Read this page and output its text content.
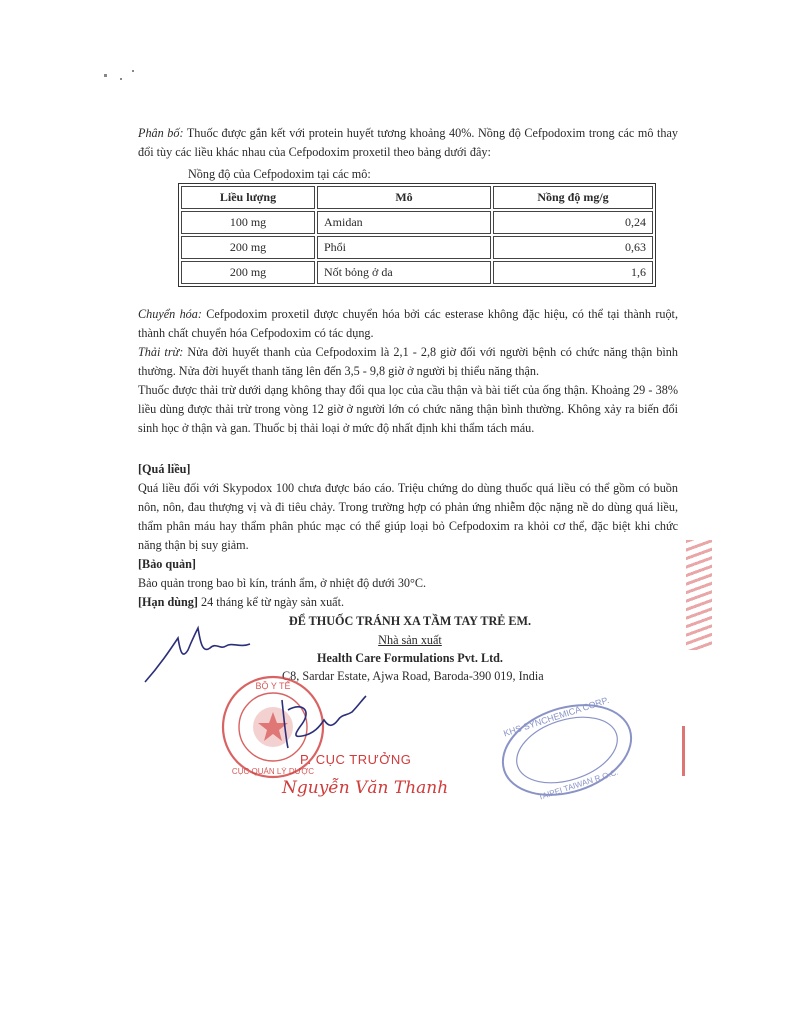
Phân bố: Thuốc được gắn kết với protein huyết tương khoảng 40%. Nồng độ Cefpodoxim trong các mô thay đổi tùy các liều khác nhau của Cefpodoxim proxetil theo bảng dưới đây:

Nồng độ của Cefpodoxim tại các mô:

Liều lượng	Mô	Nồng độ mg/g
100 mg	Amidan	0,24
200 mg	Phổi	0,63
200 mg	Nốt bỏng ở da	1,6

Chuyển hóa: Cefpodoxim proxetil được chuyển hóa bởi các esterase không đặc hiệu, có thể tại thành ruột, thành chất chuyển hóa Cefpodoxim có tác dụng.

Thải trừ: Nửa đời huyết thanh của Cefpodoxim là 2,1 - 2,8 giờ đối với người bệnh có chức năng thận bình thường. Nửa đời huyết thanh tăng lên đến 3,5 - 9,8 giờ ở người bị thiểu năng thận.

Thuốc được thải trừ dưới dạng không thay đổi qua lọc của cầu thận và bài tiết của ống thận. Khoảng 29 - 38% liều dùng được thải trừ trong vòng 12 giờ ở người lớn có chức năng thận bình thường. Không xảy ra biến đổi sinh học ở thận và gan. Thuốc bị thải loại ở mức độ nhất định khi thẩm tách máu.

[Quá liều]

Quá liều đối với Skypodox 100 chưa được báo cáo. Triệu chứng do dùng thuốc quá liều có thể gồm có buồn nôn, nôn, đau thượng vị và đi tiêu chảy. Trong trường hợp có phản ứng nhiễm độc nặng nề do dùng quá liều, thẩm phân máu hay thẩm phân phúc mạc có thể giúp loại bỏ Cefpodoxim ra khỏi cơ thể, đặc biệt khi chức năng thận bị suy giảm.

[Bảo quản]

Bảo quản trong bao bì kín, tránh ẩm, ở nhiệt độ dưới 30°C.

[Hạn dùng] 24 tháng kể từ ngày sản xuất.

ĐỂ THUỐC TRÁNH XA TẦM TAY TRẺ EM.

Nhà sản xuất

Health Care Formulations Pvt. Ltd.

C8, Sardar Estate, Ajwa Road, Baroda-390 019, India

BỘ Y TẾ
CỤC QUẢN LÝ DƯỢC

P. CỤC TRƯỞNG

Nguyễn Văn Thanh

KHS SYNCHEMICA CORP.
TAIPEI TAIWAN R.O.C.
